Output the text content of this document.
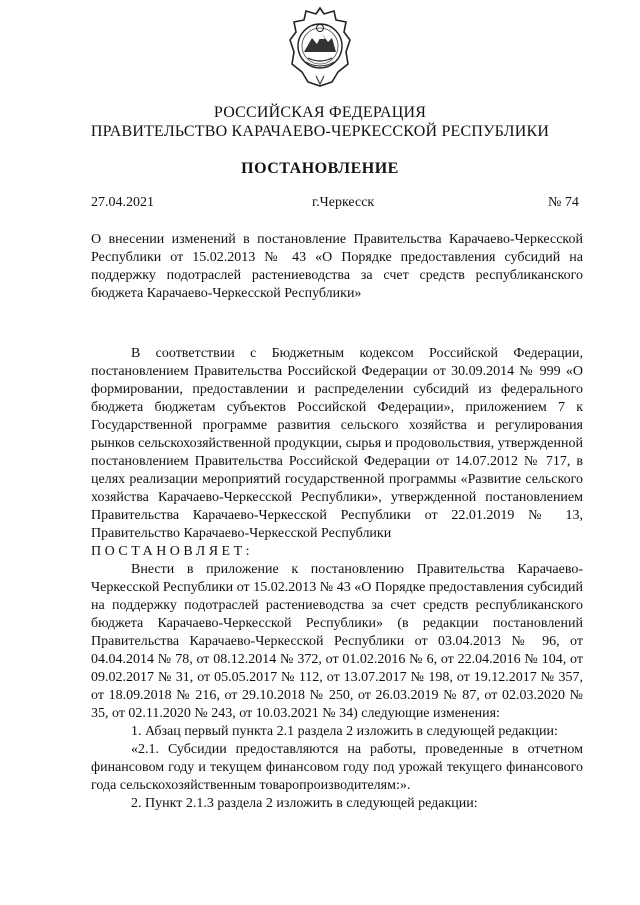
РОССИЙСКАЯ ФЕДЕРАЦИЯ
ПРАВИТЕЛЬСТВО КАРАЧАЕВО-ЧЕРКЕССКОЙ РЕСПУБЛИКИ
ПОСТАНОВЛЕНИЕ
27.04.2021	г.Черкесск	№ 74

О внесении изменений в постановление Правительства Карачаево-Черкесской Республики от 15.02.2013 № 43 «О Порядке предоставления субсидий на поддержку подотраслей растениеводства за счет средств республиканского бюджета Карачаево-Черкесской Республики»

В соответствии с Бюджетным кодексом Российской Федерации, постановлением Правительства Российской Федерации от 30.09.2014 № 999 «О формировании, предоставлении и распределении субсидий из федерального бюджета бюджетам субъектов Российской Федерации», приложением 7 к Государственной программе развития сельского хозяйства и регулирования рынков сельскохозяйственной продукции, сырья и продовольствия, утвержденной постановлением Правительства Российской Федерации от 14.07.2012 № 717, в целях реализации мероприятий государственной программы «Развитие сельского хозяйства Карачаево-Черкесской Республики», утвержденной постановлением Правительства Карачаево-Черкесской Республики от 22.01.2019 № 13, Правительство Карачаево-Черкесской Республики

ПОСТАНОВЛЯЕТ:

Внести в приложение к постановлению Правительства Карачаево-Черкесской Республики от 15.02.2013 № 43 «О Порядке предоставления субсидий на поддержку подотраслей растениеводства за счет средств республиканского бюджета Карачаево-Черкесской Республики» (в редакции постановлений Правительства Карачаево-Черкесской Республики от 03.04.2013 № 96, от 04.04.2014 № 78, от 08.12.2014 № 372, от 01.02.2016 № 6, от 22.04.2016 № 104, от 09.02.2017 № 31, от 05.05.2017 № 112, от 13.07.2017 № 198, от 19.12.2017 № 357, от 18.09.2018 № 216, от 29.10.2018 № 250, от 26.03.2019 № 87, от 02.03.2020 № 35, от 02.11.2020 № 243, от 10.03.2021 № 34) следующие изменения:

1. Абзац первый пункта 2.1 раздела 2 изложить в следующей редакции:

«2.1. Субсидии предоставляются на работы, проведенные в отчетном финансовом году и текущем финансовом году под урожай текущего финансового года сельскохозяйственным товаропроизводителям:».

2. Пункт 2.1.3 раздела 2 изложить в следующей редакции:
